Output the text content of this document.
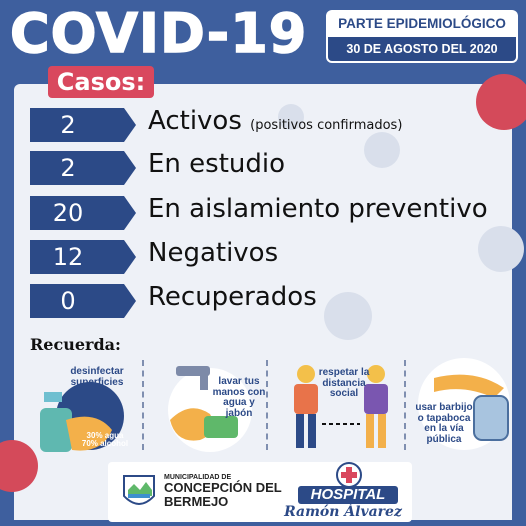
COVID-19	PARTE EPIDEMIOLÓGICO
30 DE AGOSTO DEL 2020
Casos:
2	Activos (positivos confirmados)
2	En estudio
20	En aislamiento preventivo
12	Negativos
0	Recuperados
Recuerda:
desinfectar superficies
30% agua 70% alcohol
lavar tus manos con agua y jabón
respetar la distancia social
usar barbijo o tapaboca en la vía pública
MUNICIPALIDAD DE
CONCEPCIÓN DEL
BERMEJO	HOSPITAL
Ramón Álvarez
